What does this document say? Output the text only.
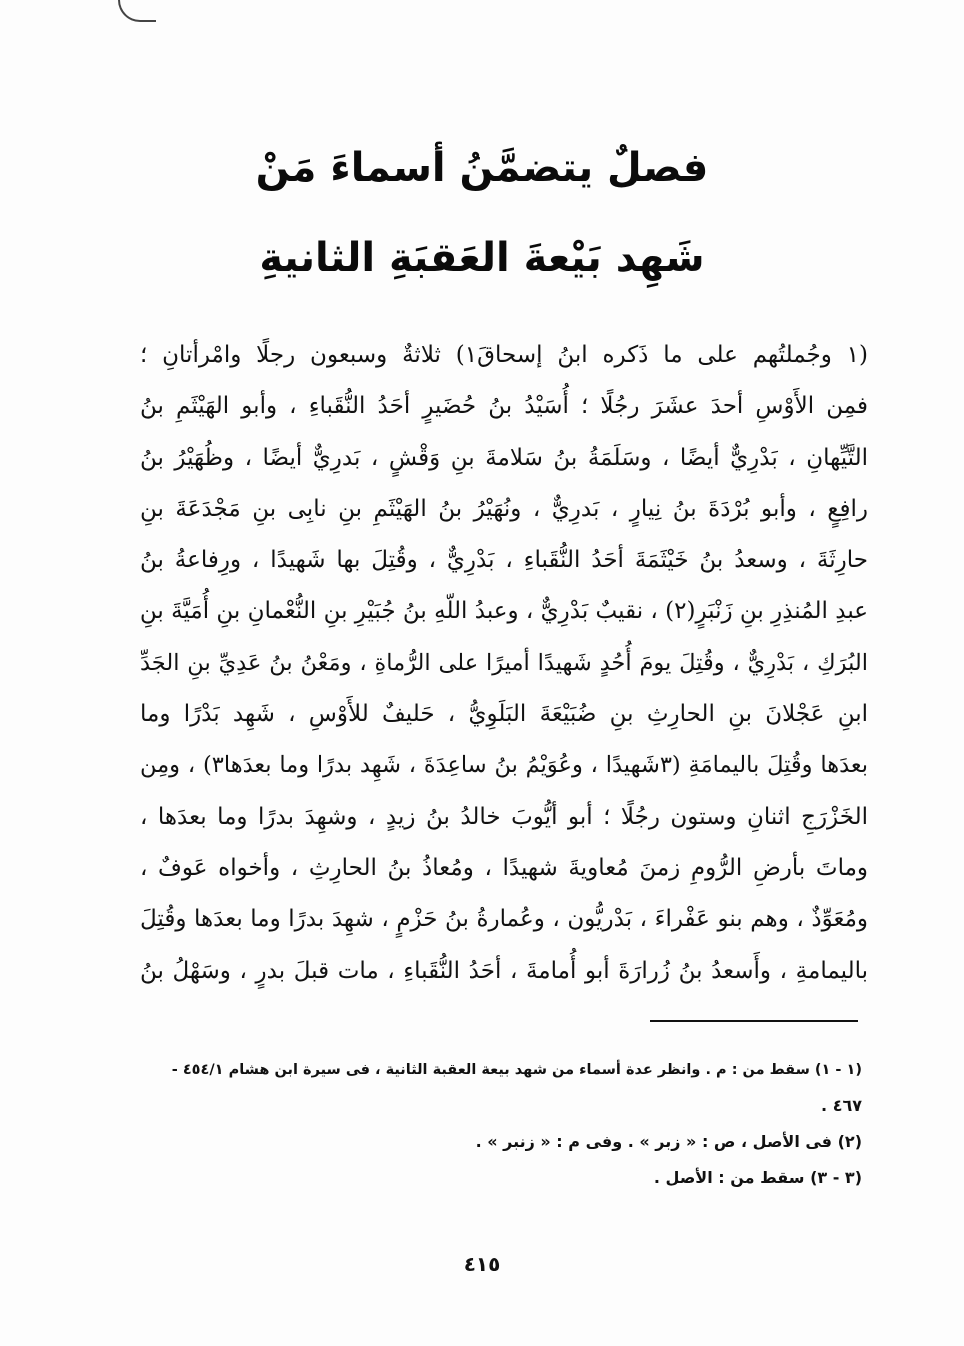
فصلٌ يتضمَّنُ أسماءَ مَنْ
شَهِد بَيْعةَ العَقبَةِ الثانيةِ
(١ وجُملتُهم على ما ذَكره ابنُ إسحاقَ١) ثلاثةٌ وسبعون رجلًا وامْرأتانِ ؛
فمِن الأَوْسِ أحدَ عشَرَ رجُلًا ؛ أُسَيْدُ بنُ حُضَيرٍ أحَدُ النُّقَباءِ ، وأبو الهَيْثَمِ بنُ
التَّيِّهانِ ، بَدْرِيٌّ أيضًا ، وسَلَمَةُ بنُ سَلامةَ بنِ وَقْشٍ ، بَدرِيٌّ أيضًا ، وظُهَيْرُ بنُ
رافِعٍ ، وأبو بُرْدَةَ بنُ نِيارٍ ، بَدرِيٌّ ، ونُهَيْرُ بنُ الهَيْثَمِ بنِ نابِى بنِ مَجْدَعَةَ بنِ
حارِثَةَ ، وسعدُ بنُ خَيْثَمَةَ أحَدُ النُّقَباءِ ، بَدْرِيٌّ ، وقُتِلَ بها شَهيدًا ، ورِفاعةُ بنُ
عبدِ المُنذِرِ بنِ زَنْبَرٍ(٢) ، نقيبٌ بَدْرِيٌّ ، وعبدُ اللّهِ بنُ جُبَيْرِ بنِ النُّعْمانِ بنِ أُمَيَّةَ بنِ
البُرَكِ ، بَدْرِيٌّ ، وقُتِلَ يومَ أُحُدٍ شَهيدًا أميرًا على الرُّماةِ ، ومَعْنُ بنُ عَدِيِّ بنِ الجَدِّ
ابنِ عَجْلانَ بنِ الحارِثِ بنِ ضُبَيْعَةَ البَلَوِيُّ ، حَليفٌ للأَوْسِ ، شَهِد بَدْرًا وما
بعدَها وقُتِلَ باليمامَةِ (٣شَهيدًا ، وعُوَيْمُ بنُ ساعِدَةَ ، شَهِد بدرًا وما بعدَها٣) ، ومِن
الخَزْرَجِ اثنانِ وستون رجُلًا ؛ أبو أيُّوبَ خالدُ بنُ زيدٍ ، وشهِدَ بدرًا وما بعدَها ،
وماتَ بأرضِ الرُّومِ زمنَ مُعاويةَ شهيدًا ، ومُعاذُ بنُ الحارِثِ ، وأخواه عَوفٌ ،
ومُعَوِّذٌ ، وهم بنو عَفْراءَ ، بَدْريُّون ، وعُمارةُ بنُ حَزْمٍ ، شهِدَ بدرًا وما بعدَها وقُتِلَ
باليمامةِ ، وأَسعدُ بنُ زُرارَةَ أبو أُمامةَ ، أحَدُ النُّقَباءِ ، مات قبلَ بدرٍ ، وسَهْلُ بنُ
(١ - ١) سقط من : م . وانظر عدة أسماء من شهد بيعة العقبة الثانية ، فى سيرة ابن هشام ٤٥٤/١ -
٤٦٧ .
(٢) فى الأصل ، ص : « زبر » . وفى م : « زنبر » .
(٣ - ٣) سقط من : الأصل .
٤١٥
